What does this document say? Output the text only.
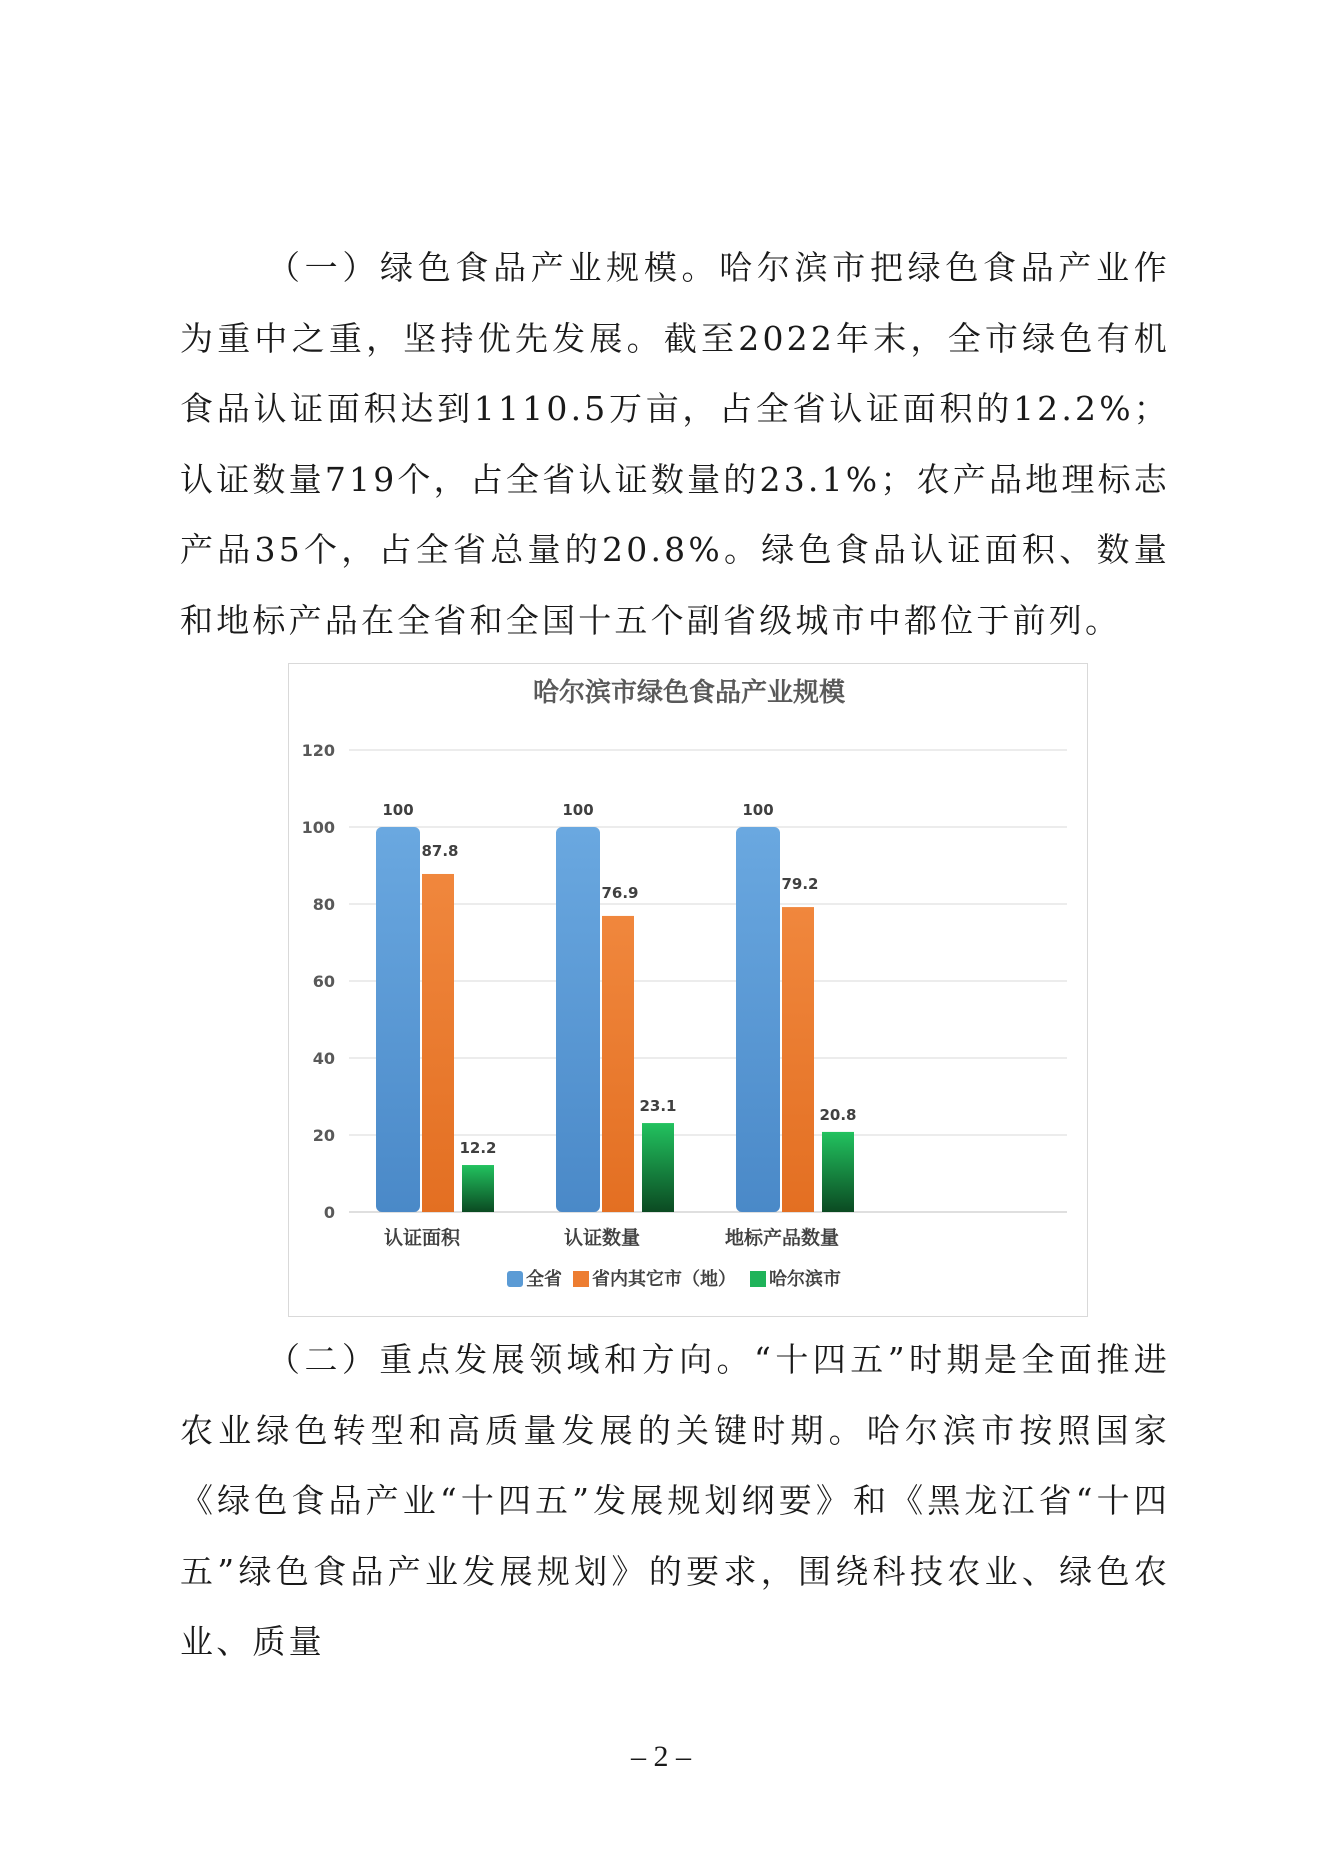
（一）绿色食品产业规模。哈尔滨市把绿色食品产业作为重中之重，坚持优先发展。截至2022年末，全市绿色有机食品认证面积达到1110.5万亩，占全省认证面积的12.2%；认证数量719个，占全省认证数量的23.1%；农产品地理标志产品35个，占全省总量的20.8%。绿色食品认证面积、数量和地标产品在全省和全国十五个副省级城市中都位于前列。

哈尔滨市绿色食品产业规模
0
20
40
60
80
100
120
100
87.8
12.2
认证面积
100
76.9
23.1
认证数量
100
79.2
20.8
地标产品数量
全省 省内其它市（地） 哈尔滨市

（二）重点发展领域和方向。“十四五”时期是全面推进农业绿色转型和高质量发展的关键时期。哈尔滨市按照国家《绿色食品产业“十四五”发展规划纲要》和《黑龙江省“十四五”绿色食品产业发展规划》的要求，围绕科技农业、绿色农业、质量

– 2 –
